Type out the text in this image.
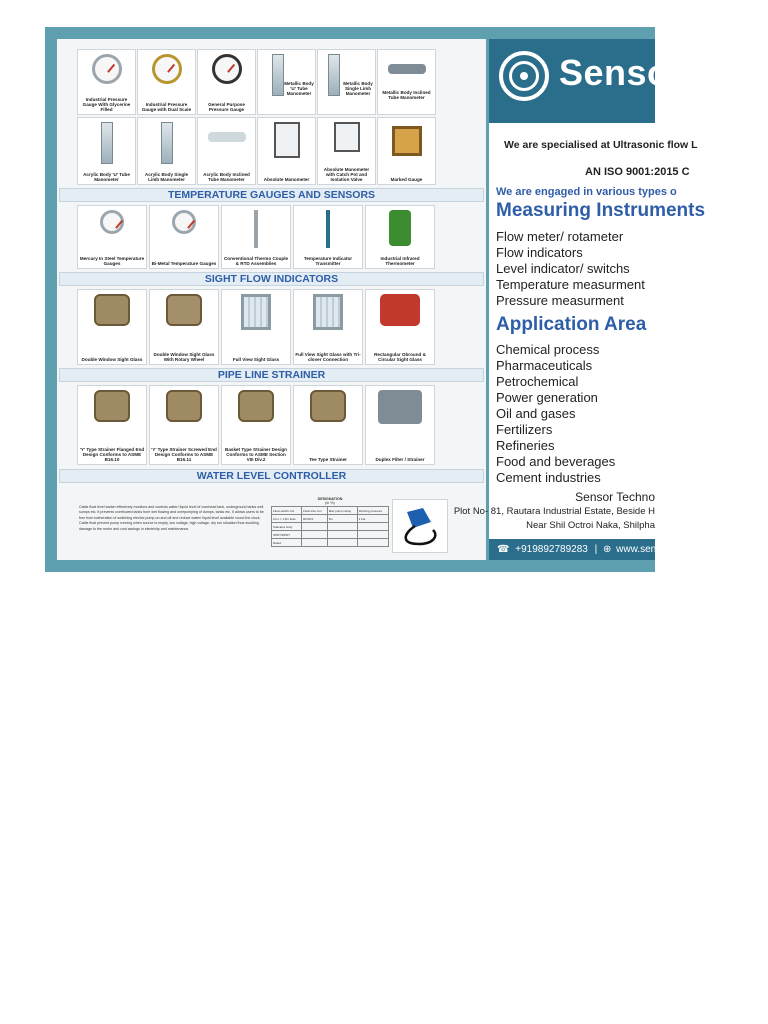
Industrial Pressure Gauge With Glycerine Filled
Industrial Pressure Gauge with Dual Scale
General Purpose Pressure Gauge
Metallic Body 'U' Tube Manometer
Metallic Body Single Limb Manometer	Metallic Body Inclined Tube Manometer
Acrylic Body 'U' Tube Manometer
Acrylic Body Single Limb Manometer
Acrylic Body Inclined Tube Manometer	Absolute Manometer
Absolute Manometer with Catch Pot and Isolation Valve	Marked Gauge
TEMPERATURE GAUGES AND SENSORS
Mercury In Steel Temperature Gauges	Bi-Metal Temperature Gauges
Conventional Thermo Couple & RTD Assemblies
Temperature Indicator Transmitter
Industrial Infrared Thermometer
SIGHT FLOW INDICATORS
Double Window Sight Glass
Double Window Sight Glass With Rotary Wheel	Full View Sight Glass
Full View Sight Glass with Tri-clover Connection
Rectangular Obround & Circular Sight Glass
PIPE LINE STRAINER
'Y' Type Strainer Flanged End Design Conforms to ASME B16.10
'Y' Type Strainer Screwed End Design Conforms to ASME B16.11
Basket Type Strainer Design Conforms to ASME Section VIII Div.2	Tee Type Strainer	Duplex Filter / Strainer
WATER LEVEL CONTROLLER
Cable float level switch effectively monitors and controls water/ liquid level of overhead tank, underground tanks well sumps etc. It prevents overflowed tanks from wet flowing and overpumping of dumps, tanks etc. It allows users to be free from botheration of switching electric pump on and off and reduce water/ liquid level available round the clock. Cable float prevent pump running when source is empty, low voltage, high voltage, dry run situation thus avoiding damage to the motor and cost savings in electricity and maintenance.
DESIGNATION
(in %)
Float switch rod	Float size mm	Max pump rating	Working pressure
1m1 = 1.5m float	RFW21	5m	1 bar
Stainless body			
SPDT/DPDT			
Rated			
Sensor
We are specialised at Ultrasonic flow L
AN ISO 9001:2015 C
We are engaged in various types o
Measuring Instruments
Flow meter/ rotameter
Flow indicators
Level indicator/ switchs
Temperature measurment
Pressure measurment
Application Area
Chemical process
Pharmaceuticals
Petrochemical
Power generation
Oil and gases
Fertilizers
Refineries
Food and beverages
Cement industries
Sensor Techno
Plot No- 81, Rautara Industrial Estate, Beside H
Near Shil Octroi Naka, Shilpha
☎ +919892789283 | ⊕ www.sensortech.in |
